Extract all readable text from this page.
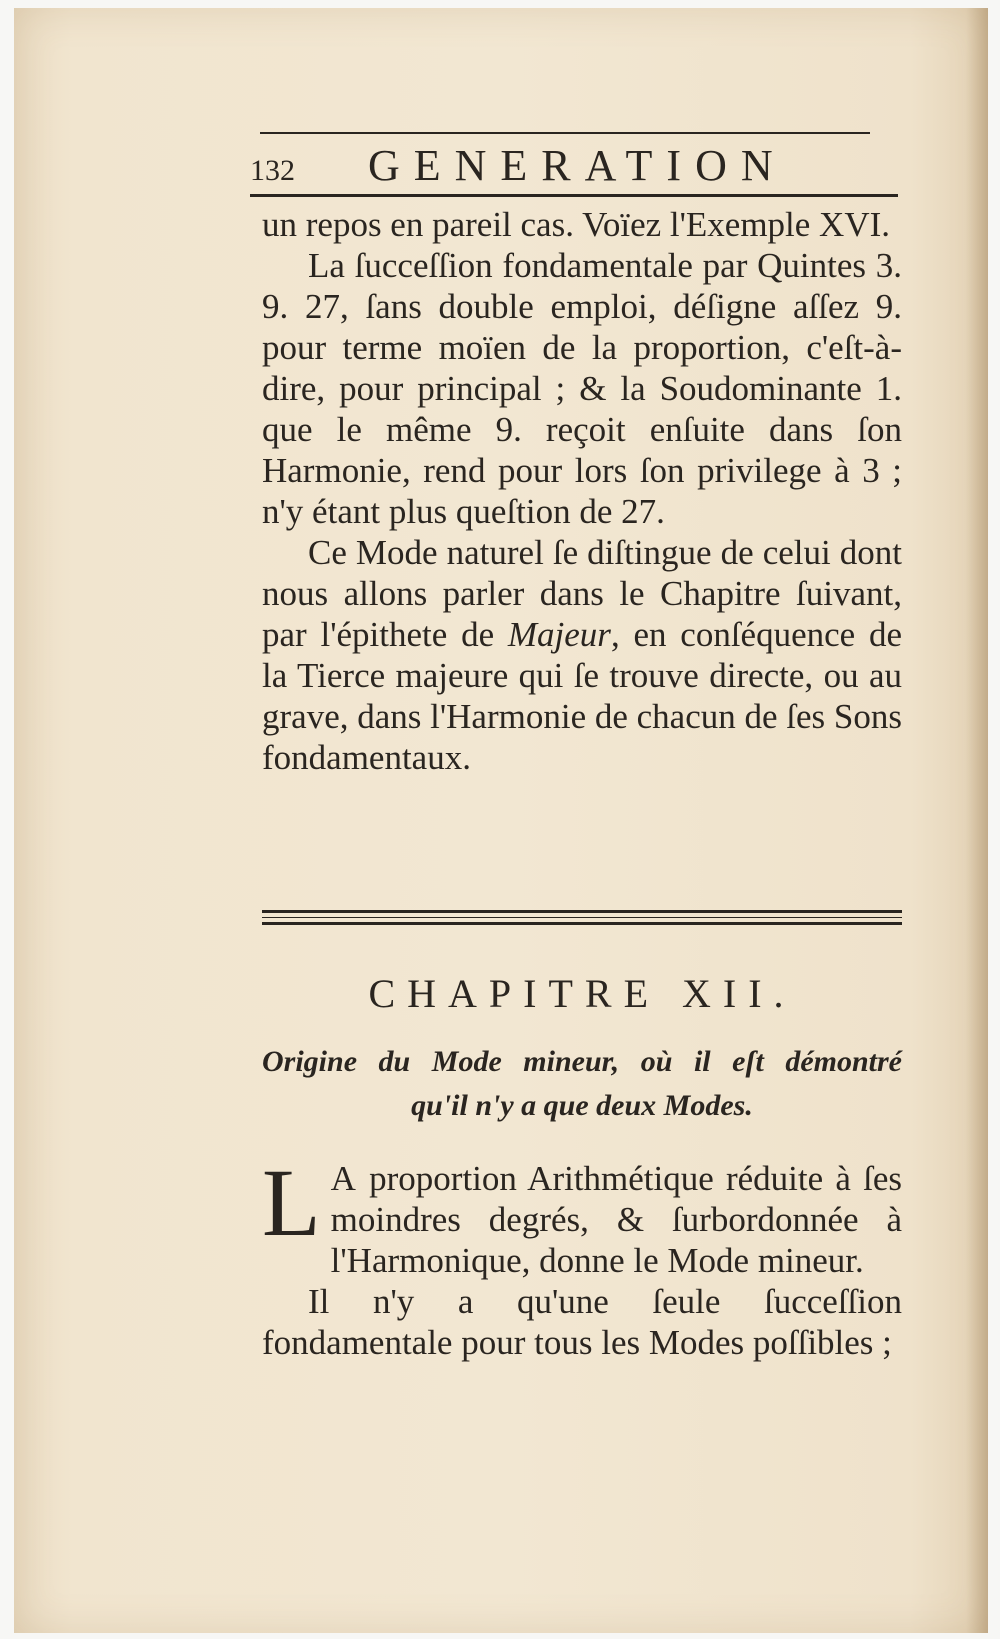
132 GENERATION

un repos en pareil cas. Voïez l'Exemple XVI.

La ſucceſſion fondamentale par Quintes 3. 9. 27, ſans double emploi, déſigne aſſez 9. pour terme moïen de la proportion, c'eſt-à-dire, pour principal ; & la Soudominante 1. que le même 9. reçoit enſuite dans ſon Harmonie, rend pour lors ſon privilege à 3 ; n'y étant plus queſtion de 27.

Ce Mode naturel ſe diſtingue de celui dont nous allons parler dans le Chapitre ſuivant, par l'épithete de Majeur, en conſéquence de la Tierce majeure qui ſe trouve directe, ou au grave, dans l'Harmonie de chacun de ſes Sons fondamentaux.

CHAPITRE XII.
Origine du Mode mineur, où il eſt démontré
qu'il n'y a que deux Modes.

L A proportion Arithmétique réduite à ſes moindres degrés, & ſurbordonnée à l'Harmonique, donne le Mode mineur.

Il n'y a qu'une ſeule ſucceſſion fondamentale pour tous les Modes poſſibles ;
